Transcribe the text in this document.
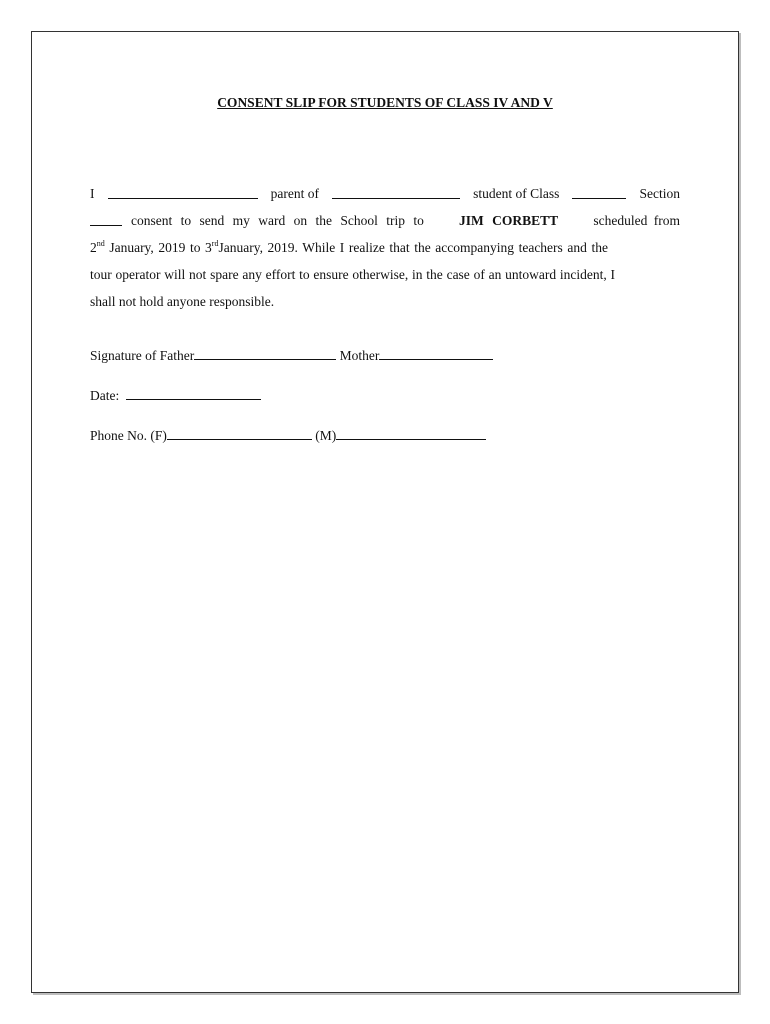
CONSENT SLIP FOR STUDENTS OF CLASS IV AND V
I	parent of	student of Class	Section
consent to send my ward on the School trip to	JIM CORBETT	scheduled from
2nd January, 2019 to 3rdJanuary, 2019. While I realize that the accompanying teachers and the
tour operator will not spare any effort to ensure otherwise, in the case of an untoward incident, I
shall not hold anyone responsible.
Signature of Father	Mother
Date:
Phone No. (F)	(M)
